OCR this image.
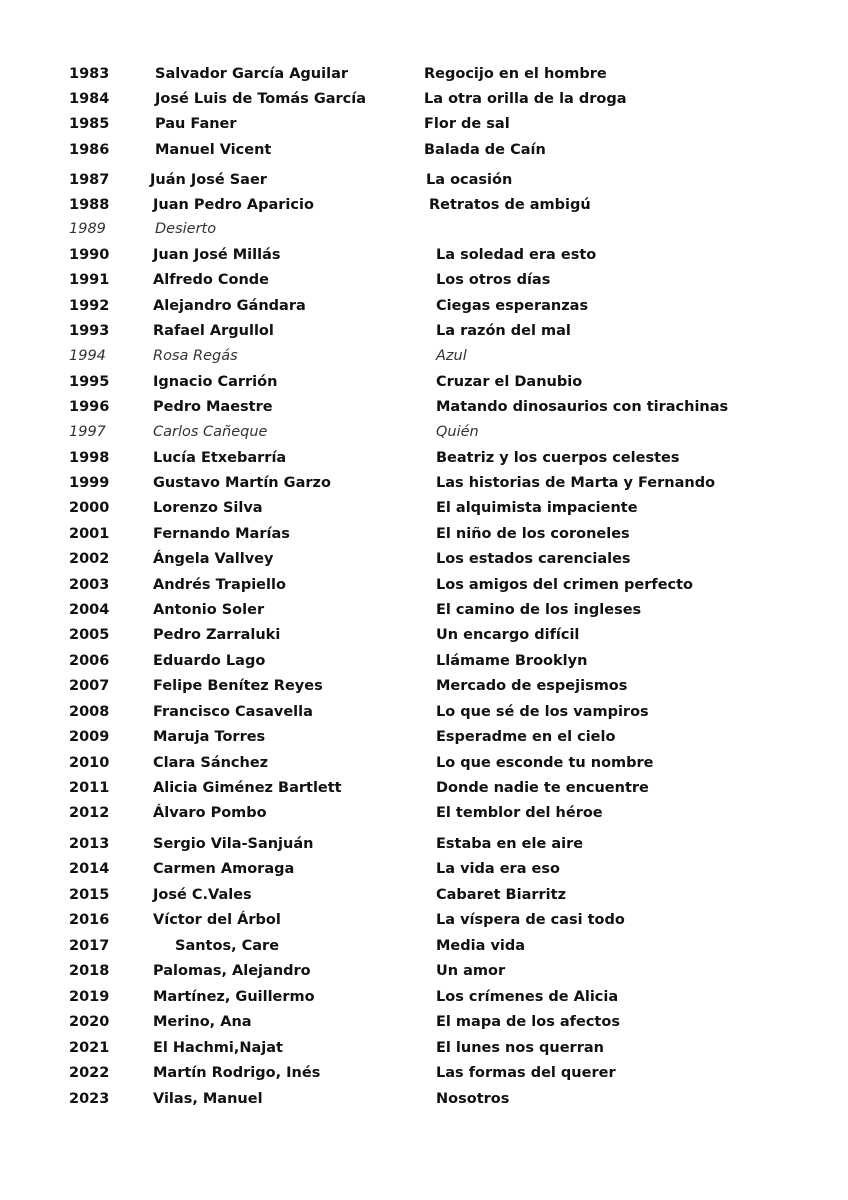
1983	Salvador García Aguilar	Regocijo en el hombre
1984	José Luis de Tomás García	La otra orilla de la droga
1985	Pau Faner	Flor de sal
1986	Manuel Vicent	Balada de Caín
1987	Juán José Saer	La ocasión
1988	Juan Pedro Aparicio	Retratos de ambigú
1989	Desierto
1990	Juan José Millás	La soledad era esto
1991	Alfredo Conde	Los otros días
1992	Alejandro Gándara	Ciegas esperanzas
1993	Rafael Argullol	La razón del mal
1994	Rosa Regás	Azul
1995	Ignacio Carrión	Cruzar el Danubio
1996	Pedro Maestre	Matando dinosaurios con tirachinas
1997	Carlos Cañeque	Quién
1998	Lucía Etxebarría	Beatriz y los cuerpos celestes
1999	Gustavo Martín Garzo	Las historias de Marta y Fernando
2000	Lorenzo Silva	El alquimista impaciente
2001	Fernando Marías	El niño de los coroneles
2002	Ángela Vallvey	Los estados carenciales
2003	Andrés Trapiello	Los amigos del crimen perfecto
2004	Antonio Soler	El camino de los ingleses
2005	Pedro Zarraluki	Un encargo difícil
2006	Eduardo Lago	Llámame Brooklyn
2007	Felipe Benítez Reyes	Mercado de espejismos
2008	Francisco Casavella	Lo que sé de los vampiros
2009	Maruja Torres	Esperadme en el cielo
2010	Clara Sánchez	Lo que esconde tu nombre
2011	Alicia Giménez Bartlett	Donde nadie te encuentre
2012	Álvaro Pombo	El temblor del héroe
2013	Sergio Vila-Sanjuán	Estaba en ele aire
2014	Carmen Amoraga	La vida era eso
2015	José C.Vales	Cabaret Biarritz
2016	Víctor del Árbol	La víspera de casi todo
2017	Santos, Care	Media vida
2018	Palomas, Alejandro	Un amor
2019	Martínez, Guillermo	Los crímenes de Alicia
2020	Merino, Ana	El mapa de los afectos
2021	El Hachmi,Najat	El lunes nos querran
2022	Martín Rodrigo, Inés	Las formas del querer
2023	Vilas, Manuel	Nosotros
